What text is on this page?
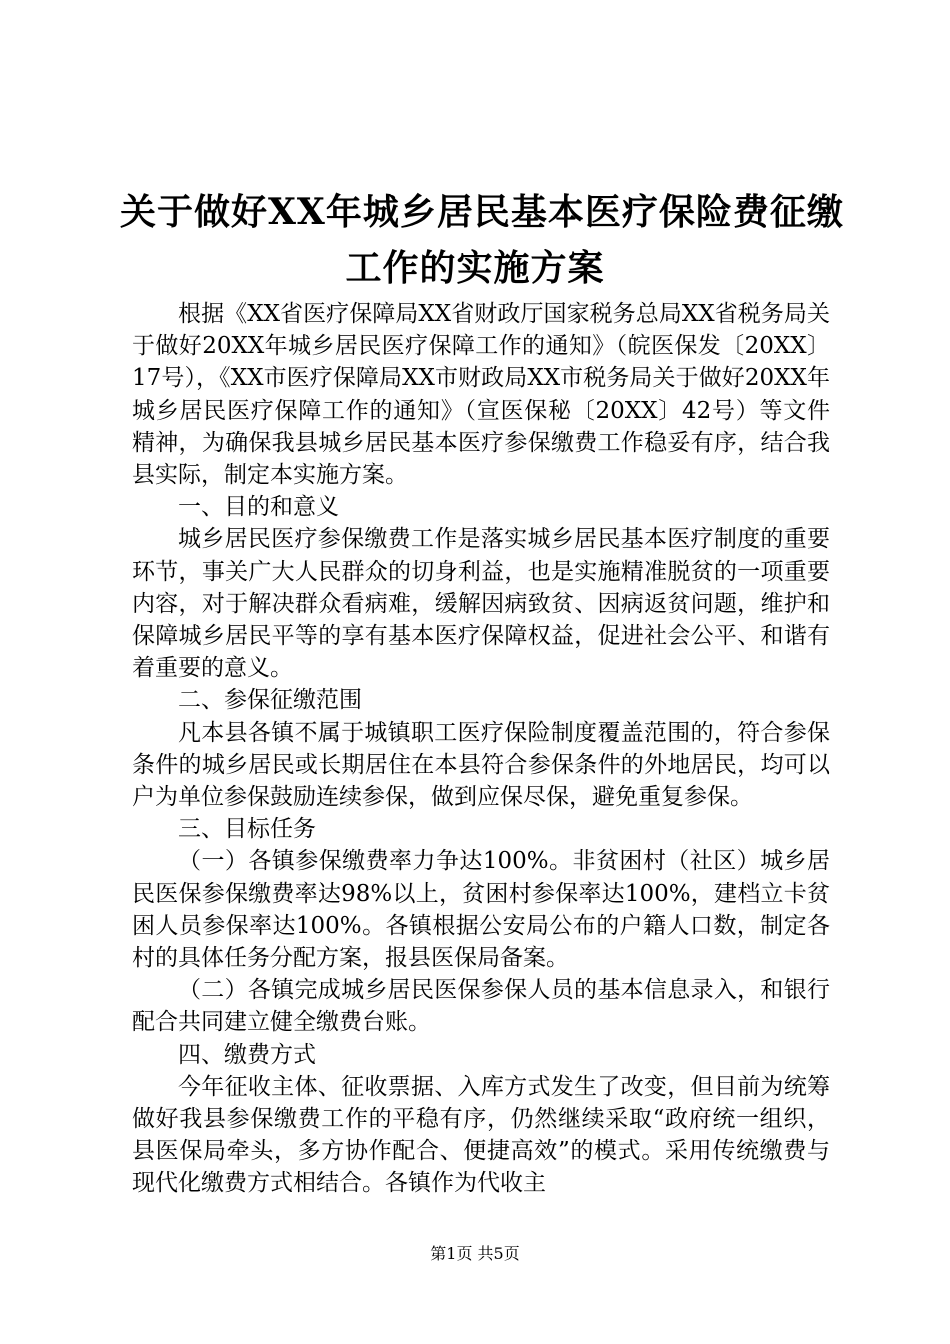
关于做好XX年城乡居民基本医疗保险费征缴
工作的实施方案

根据《XX省医疗保障局XX省财政厅国家税务总局XX省税务局关于做好20XX年城乡居民医疗保障工作的通知》（皖医保发〔20XX〕17号），《XX市医疗保障局XX市财政局XX市税务局关于做好20XX年城乡居民医疗保障工作的通知》（宣医保秘〔20XX〕42号）等文件精神，为确保我县城乡居民基本医疗参保缴费工作稳妥有序，结合我县实际，制定本实施方案。

一、目的和意义

城乡居民医疗参保缴费工作是落实城乡居民基本医疗制度的重要环节，事关广大人民群众的切身利益，也是实施精准脱贫的一项重要内容，对于解决群众看病难，缓解因病致贫、因病返贫问题，维护和保障城乡居民平等的享有基本医疗保障权益，促进社会公平、和谐有着重要的意义。

二、参保征缴范围

凡本县各镇不属于城镇职工医疗保险制度覆盖范围的，符合参保条件的城乡居民或长期居住在本县符合参保条件的外地居民，均可以户为单位参保鼓励连续参保，做到应保尽保，避免重复参保。

三、目标任务

（一）各镇参保缴费率力争达100%。非贫困村（社区）城乡居民医保参保缴费率达98%以上，贫困村参保率达100%，建档立卡贫困人员参保率达100%。各镇根据公安局公布的户籍人口数，制定各村的具体任务分配方案，报县医保局备案。

（二）各镇完成城乡居民医保参保人员的基本信息录入，和银行配合共同建立健全缴费台账。

四、缴费方式

今年征收主体、征收票据、入库方式发生了改变，但目前为统筹做好我县参保缴费工作的平稳有序，仍然继续采取“政府统一组织，县医保局牵头，多方协作配合、便捷高效”的模式。采用传统缴费与现代化缴费方式相结合。各镇作为代收主

第1页 共5页
